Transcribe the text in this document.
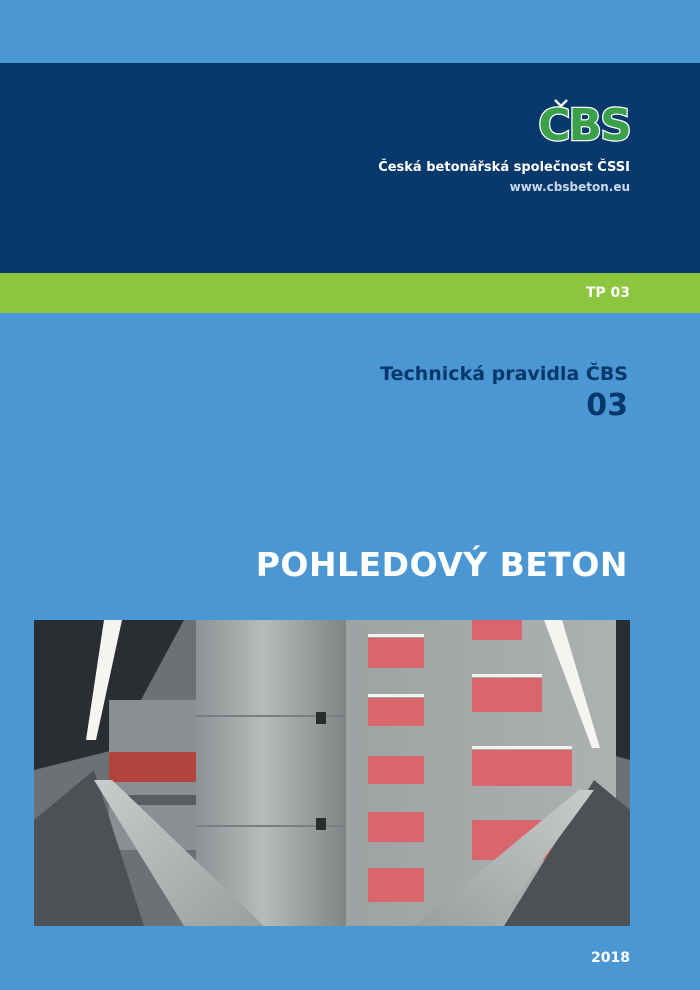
CBS
Česká betonářská společnost ČSSI
www.cbsbeton.eu
TP 03
Technická pravidla ČBS
03
POHLEDOVÝ BETON
2018
